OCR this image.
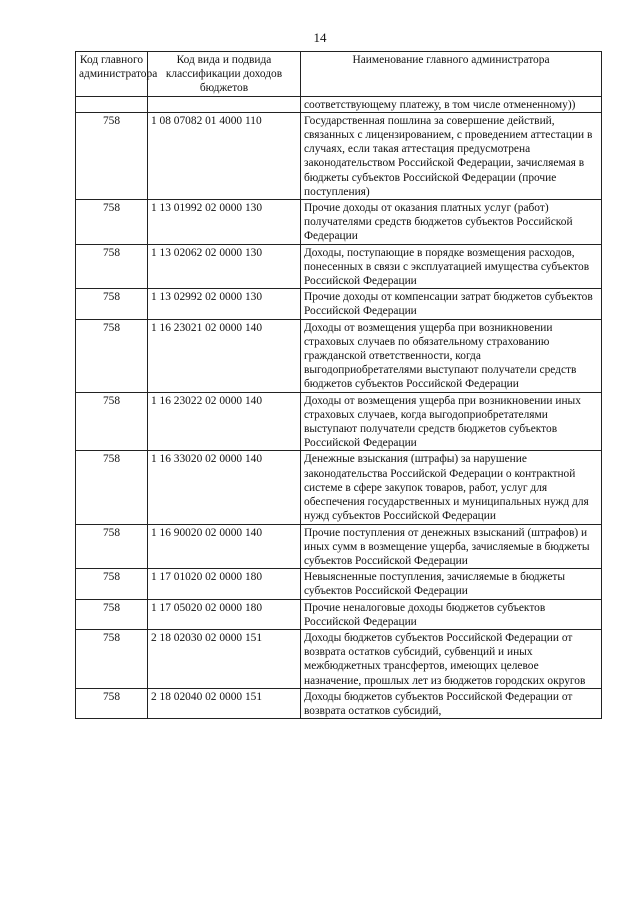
14
Код главного администратора	Код вида и подвида классификации доходов бюджетов	Наименование главного администратора
		соответствующему платежу, в том числе отмененному))
758	1 08 07082 01 4000 110	Государственная пошлина за совершение действий, связанных с лицензированием, с проведением аттестации в случаях, если такая аттестация предусмотрена законодательством Российской Федерации, зачисляемая в бюджеты субъектов Российской Федерации (прочие поступления)
758	1 13 01992 02 0000 130	Прочие доходы от оказания платных услуг (работ) получателями средств бюджетов субъектов Российской Федерации
758	1 13 02062 02 0000 130	Доходы, поступающие в порядке возмещения расходов, понесенных в связи с эксплуатацией имущества субъектов Российской Федерации
758	1 13 02992 02 0000 130	Прочие доходы от компенсации затрат бюджетов субъектов Российской Федерации
758	1 16 23021 02 0000 140	Доходы от возмещения ущерба при возникновении страховых случаев по обязательному страхованию гражданской ответственности, когда выгодоприобретателями выступают получатели средств бюджетов субъектов Российской Федерации
758	1 16 23022 02 0000 140	Доходы от возмещения ущерба при возникновении иных страховых случаев, когда выгодоприобретателями выступают получатели средств бюджетов субъектов Российской Федерации
758	1 16 33020 02 0000 140	Денежные взыскания (штрафы) за нарушение законодательства Российской Федерации о контрактной системе в сфере закупок товаров, работ, услуг для обеспечения государственных и муниципальных нужд для нужд субъектов Российской Федерации
758	1 16 90020 02 0000 140	Прочие поступления от денежных взысканий (штрафов) и иных сумм в возмещение ущерба, зачисляемые в бюджеты субъектов Российской Федерации
758	1 17 01020 02 0000 180	Невыясненные поступления, зачисляемые в бюджеты субъектов Российской Федерации
758	1 17 05020 02 0000 180	Прочие неналоговые доходы бюджетов субъектов Российской Федерации
758	2 18 02030 02 0000 151	Доходы бюджетов субъектов Российской Федерации от возврата остатков субсидий, субвенций и иных межбюджетных трансфертов, имеющих целевое назначение, прошлых лет из бюджетов городских округов
758	2 18 02040 02 0000 151	Доходы бюджетов субъектов Российской Федерации от возврата остатков субсидий,
